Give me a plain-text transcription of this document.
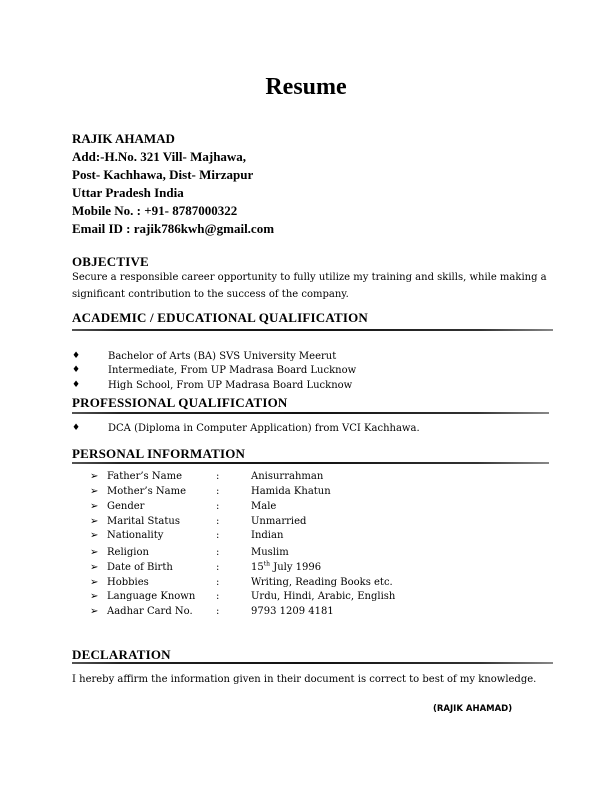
Resume
RAJIK AHAMAD
Add:-H.No. 321 Vill- Majhawa,
Post- Kachhawa, Dist- Mirzapur
Uttar Pradesh India
Mobile No. : +91- 8787000322
Email ID : rajik786kwh@gmail.com
OBJECTIVE
Secure a responsible career opportunity to fully utilize my training and skills, while making a
significant contribution to the success of the company.
ACADEMIC / EDUCATIONAL QUALIFICATION
♦	Bachelor of Arts (BA) SVS University Meerut
♦	Intermediate, From UP Madrasa Board Lucknow
♦	High School, From UP Madrasa Board Lucknow
PROFESSIONAL QUALIFICATION
♦	DCA (Diploma in Computer Application) from VCI Kachhawa.
PERSONAL INFORMATION
➢ Father’s Name	:	Anisurrahman
➢ Mother’s Name	:	Hamida Khatun
➢ Gender	:	Male
➢ Marital Status	:	Unmarried
➢ Nationality	:	Indian
➢ Religion	:	Muslim
➢ Date of Birth	:	15th July 1996
➢ Hobbies	:	Writing, Reading Books etc.
➢ Language Known :	Urdu, Hindi, Arabic, English
➢ Aadhar Card No. :	9793 1209 4181
DECLARATION
I hereby affirm the information given in their document is correct to best of my knowledge.
(RAJIK AHAMAD)
